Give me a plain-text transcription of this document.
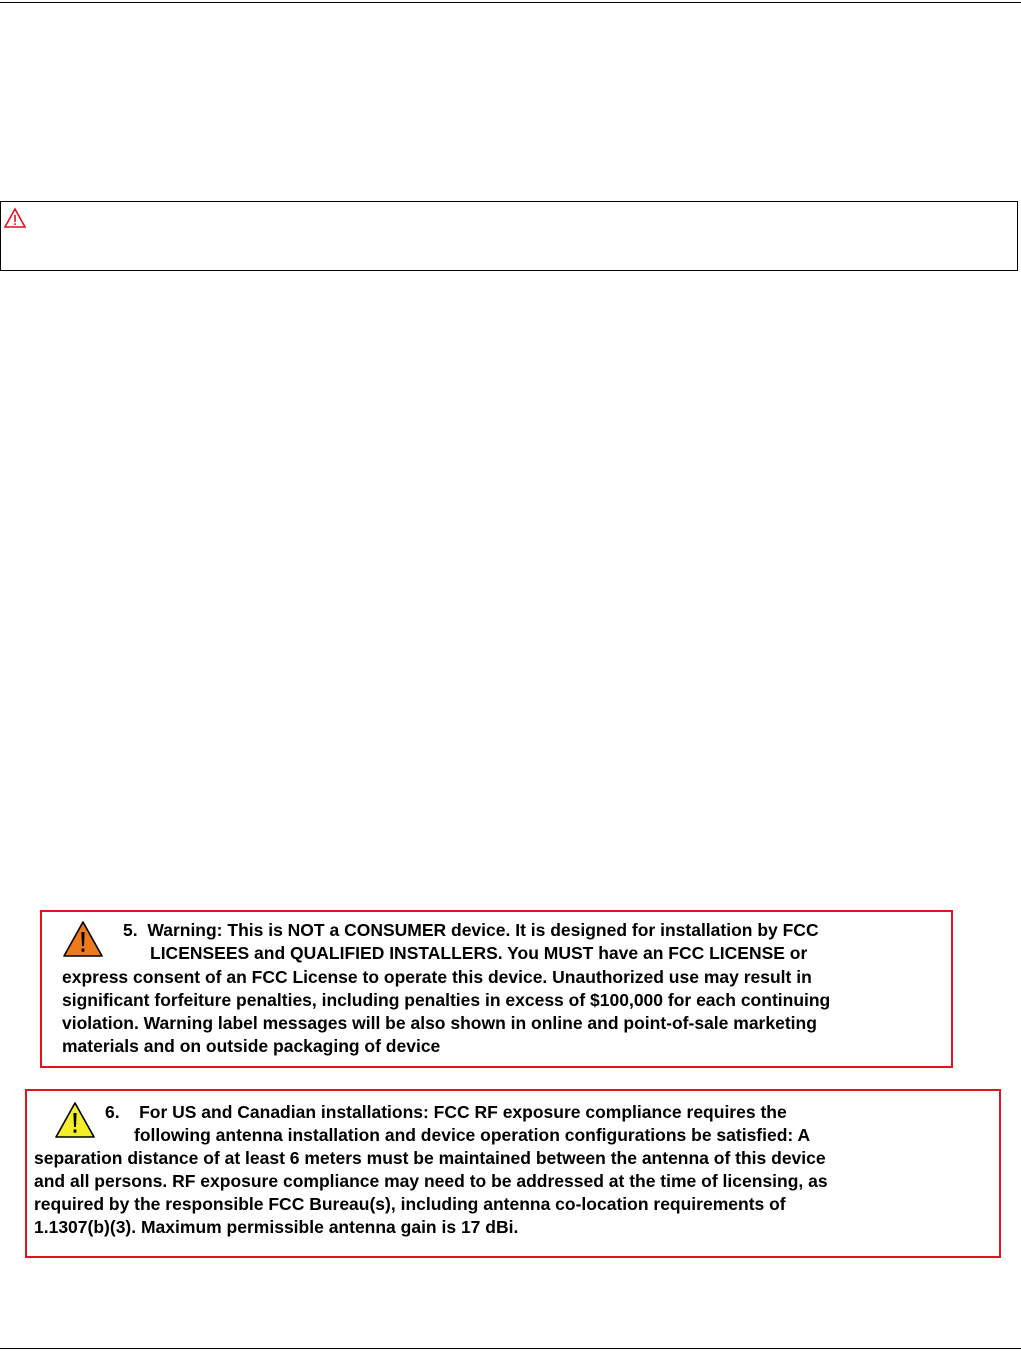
5. Warning: This is NOT a CONSUMER device. It is designed for installation by FCC
LICENSEES and QUALIFIED INSTALLERS. You MUST have an FCC LICENSE or
express consent of an FCC License to operate this device. Unauthorized use may result in
significant forfeiture penalties, including penalties in excess of $100,000 for each continuing
violation. Warning label messages will be also shown in online and point-of-sale marketing
materials and on outside packaging of device
6. For US and Canadian installations: FCC RF exposure compliance requires the
following antenna installation and device operation configurations be satisfied: A
separation distance of at least 6 meters must be maintained between the antenna of this device
and all persons. RF exposure compliance may need to be addressed at the time of licensing, as
required by the responsible FCC Bureau(s), including antenna co-location requirements of
1.1307(b)(3). Maximum permissible antenna gain is 17 dBi.
